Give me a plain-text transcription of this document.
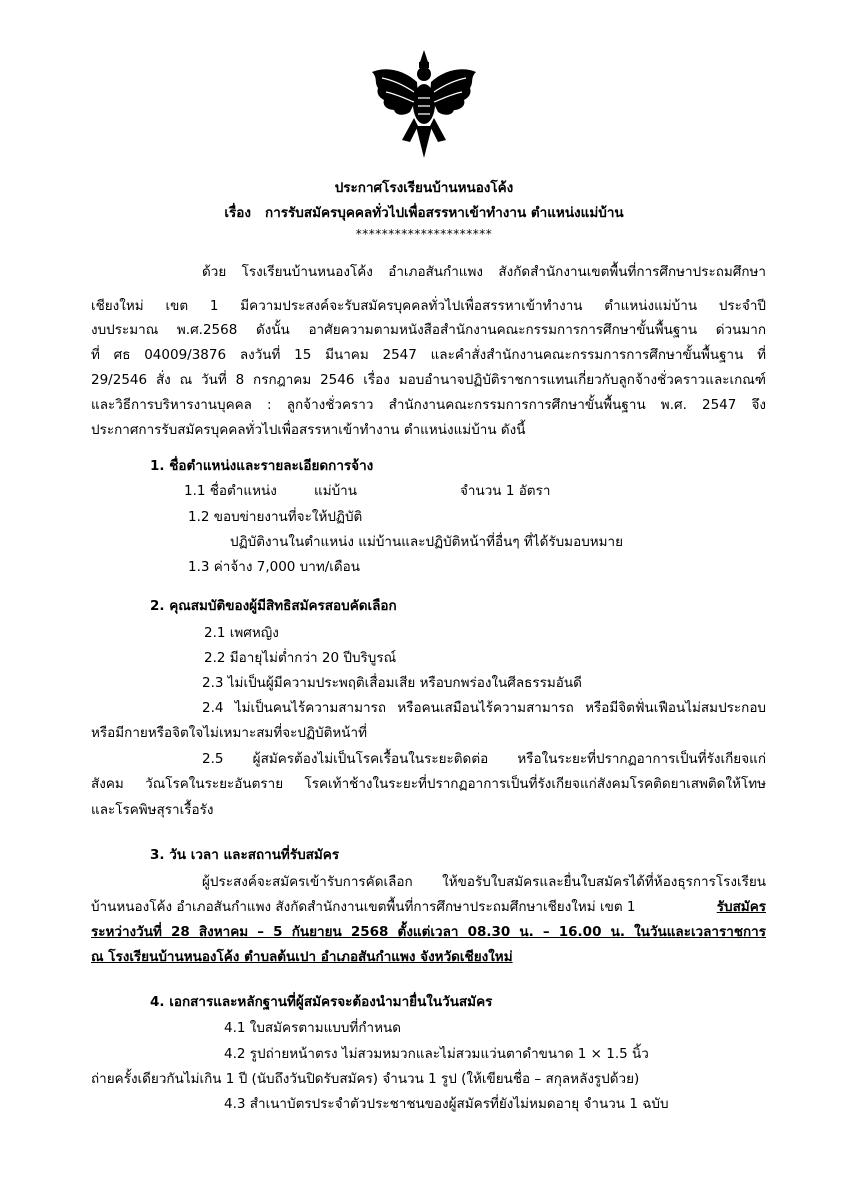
ประกาศโรงเรียนบ้านหนองโค้ง
เรื่อง การรับสมัครบุคคลทั่วไปเพื่อสรรหาเข้าทำงาน ตำแหน่งแม่บ้าน
*********************
ด้วย โรงเรียนบ้านหนองโค้ง อำเภอสันกำแพง สังกัดสำนักงานเขตพื้นที่การศึกษาประถมศึกษา
เชียงใหม่ เขต 1 มีความประสงค์จะรับสมัครบุคคลทั่วไปเพื่อสรรหาเข้าทำงาน ตำแหน่งแม่บ้าน ประจำปี
งบประมาณ พ.ศ.2568 ดังนั้น อาศัยความตามหนังสือสำนักงานคณะกรรมการการศึกษาขั้นพื้นฐาน ด่วนมาก
ที่ ศธ 04009/3876 ลงวันที่ 15 มีนาคม 2547 และคำสั่งสำนักงานคณะกรรมการการศึกษาขั้นพื้นฐาน ที่
29/2546 สั่ง ณ วันที่ 8 กรกฎาคม 2546 เรื่อง มอบอำนาจปฏิบัติราชการแทนเกี่ยวกับลูกจ้างชั่วคราวและเกณฑ์
และวิธีการบริหารงานบุคคล : ลูกจ้างชั่วคราว สำนักงานคณะกรรมการการศึกษาขั้นพื้นฐาน พ.ศ. 2547 จึง
ประกาศการรับสมัครบุคคลทั่วไปเพื่อสรรหาเข้าทำงาน ตำแหน่งแม่บ้าน ดังนี้
1. ชื่อตำแหน่งและรายละเอียดการจ้าง
1.1 ชื่อตำแหน่ง	แม่บ้าน	จำนวน 1 อัตรา
1.2 ขอบข่ายงานที่จะให้ปฏิบัติ
ปฏิบัติงานในตำแหน่ง แม่บ้านและปฏิบัติหน้าที่อื่นๆ ที่ได้รับมอบหมาย
1.3 ค่าจ้าง 7,000 บาท/เดือน
2. คุณสมบัติของผู้มีสิทธิสมัครสอบคัดเลือก
2.1 เพศหญิง
2.2 มีอายุไม่ต่ำกว่า 20 ปีบริบูรณ์
2.3 ไม่เป็นผู้มีความประพฤติเสื่อมเสีย หรือบกพร่องในศีลธรรมอันดี
2.4 ไม่เป็นคนไร้ความสามารถ หรือคนเสมือนไร้ความสามารถ หรือมีจิตฟั่นเฟือนไม่สมประกอบ
หรือมีกายหรือจิตใจไม่เหมาะสมที่จะปฏิบัติหน้าที่
2.5 ผู้สมัครต้องไม่เป็นโรคเรื้อนในระยะติดต่อ หรือในระยะที่ปรากฏอาการเป็นที่รังเกียจแก่
สังคม วัณโรคในระยะอันตราย โรคเท้าช้างในระยะที่ปรากฏอาการเป็นที่รังเกียจแก่สังคมโรคติดยาเสพติดให้โทษ
และโรคพิษสุราเรื้อรัง
3. วัน เวลา และสถานที่รับสมัคร
ผู้ประสงค์จะสมัครเข้ารับการคัดเลือก ให้ขอรับใบสมัครและยื่นใบสมัครได้ที่ห้องธุรการโรงเรียน
บ้านหนองโค้ง อำเภอสันกำแพง สังกัดสำนักงานเขตพื้นที่การศึกษาประถมศึกษาเชียงใหม่ เขต 1	รับสมัคร
ระหว่างวันที่ 28 สิงหาคม – 5 กันยายน 2568 ตั้งแต่เวลา 08.30 น. – 16.00 น. ในวันและเวลาราชการ
ณ โรงเรียนบ้านหนองโค้ง ตำบลต้นเปา อำเภอสันกำแพง จังหวัดเชียงใหม่
4. เอกสารและหลักฐานที่ผู้สมัครจะต้องนำมายื่นในวันสมัคร
4.1 ใบสมัครตามแบบที่กำหนด
4.2 รูปถ่ายหน้าตรง ไม่สวมหมวกและไม่สวมแว่นตาดำขนาด 1 × 1.5 นิ้ว
ถ่ายครั้งเดียวกันไม่เกิน 1 ปี (นับถึงวันปิดรับสมัคร) จำนวน 1 รูป (ให้เขียนชื่อ – สกุลหลังรูปด้วย)
4.3 สำเนาบัตรประจำตัวประชาชนของผู้สมัครที่ยังไม่หมดอายุ จำนวน 1 ฉบับ
